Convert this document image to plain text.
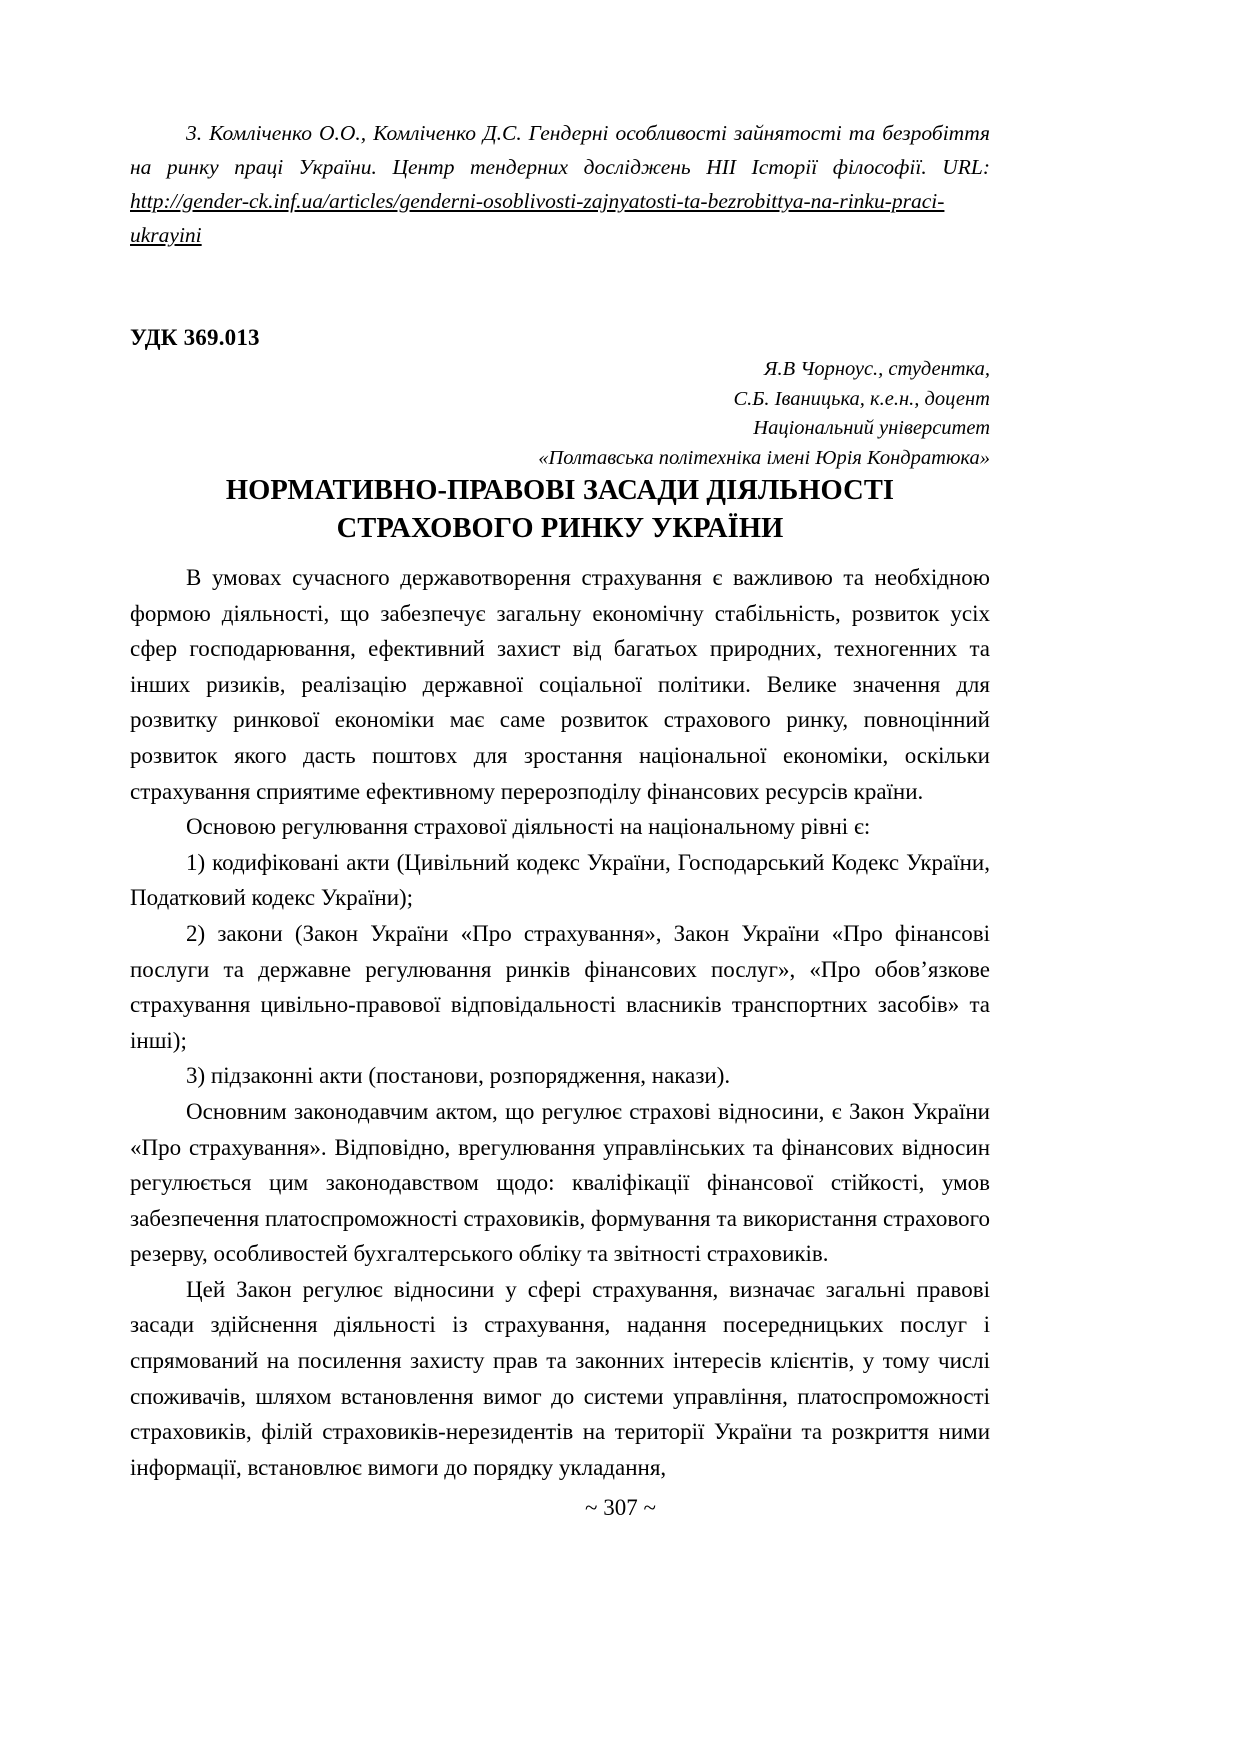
3. Комліченко О.О., Комліченко Д.С. Гендерні особливості зайнятості та безробіття на ринку праці України. Центр тендерних досліджень НІІ Історії філософії. URL: http://gender-ck.inf.ua/articles/genderni-osoblivosti-zajnyatosti-ta-bezrobittya-na-rinku-praci-ukrayini

УДК 369.013
Я.В Чорноус., студентка,
С.Б. Іваницька, к.е.н., доцент
Національний університет
«Полтавська політехніка імені Юрія Кондратюка»
НОРМАТИВНО-ПРАВОВІ ЗАСАДИ ДІЯЛЬНОСТІ
СТРАХОВОГО РИНКУ УКРАЇНИ

В умовах сучасного державотворення страхування є важливою та необхідною формою діяльності, що забезпечує загальну економічну стабільність, розвиток усіх сфер господарювання, ефективний захист від багатьох природних, техногенних та інших ризиків, реалізацію державної соціальної політики. Велике значення для розвитку ринкової економіки має саме розвиток страхового ринку, повноцінний розвиток якого дасть поштовх для зростання національної економіки, оскільки страхування сприятиме ефективному перерозподілу фінансових ресурсів країни.

Основою регулювання страхової діяльності на національному рівні є:

1) кодифіковані акти (Цивільний кодекс України, Господарський Кодекс України, Податковий кодекс України);

2) закони (Закон України «Про страхування», Закон України «Про фінансові послуги та державне регулювання ринків фінансових послуг», «Про обов’язкове страхування цивільно-правової відповідальності власників транспортних засобів» та інші);

3) підзаконні акти (постанови, розпорядження, накази).

Основним законодавчим актом, що регулює страхові відносини, є Закон України «Про страхування». Відповідно, врегулювання управлінських та фінансових відносин регулюється цим законодавством щодо: кваліфікації фінансової стійкості, умов забезпечення платоспроможності страховиків, формування та використання страхового резерву, особливостей бухгалтерського обліку та звітності страховиків.

Цей Закон регулює відносини у сфері страхування, визначає загальні правові засади здійснення діяльності із страхування, надання посередницьких послуг і спрямований на посилення захисту прав та законних інтересів клієнтів, у тому числі споживачів, шляхом встановлення вимог до системи управління, платоспроможності страховиків, філій страховиків-нерезидентів на території України та розкриття ними інформації, встановлює вимоги до порядку укладання,

~ 307 ~
